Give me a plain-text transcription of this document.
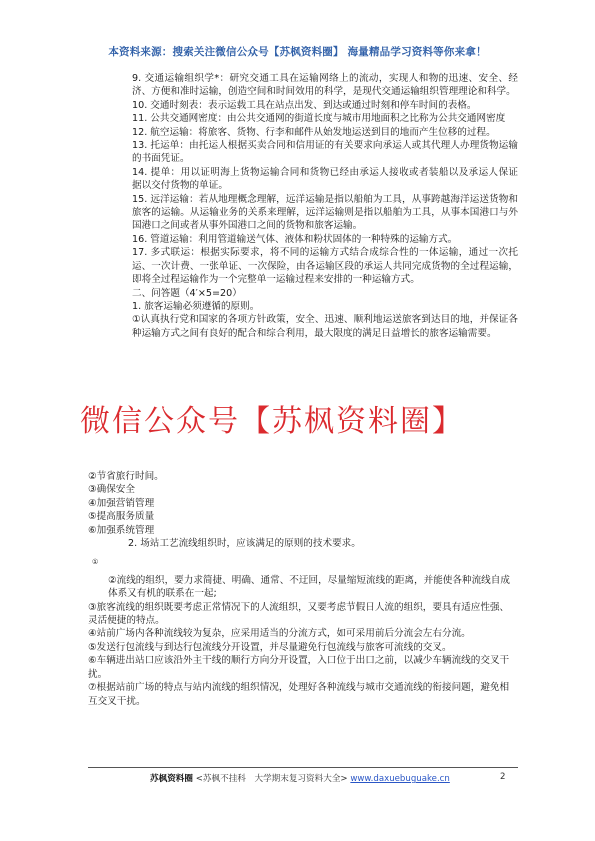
本资料来源：搜索关注微信公众号【苏枫资料圈】 海量精品学习资料等你来拿！

9. 交通运输组织学*：研究交通工具在运输网络上的流动，实现人和物的迅速、安全、经济、方便和准时运输，创造空间和时间效用的科学，是现代交通运输组织管理理论和科学。

10. 交通时刻表：表示运载工具在站点出发、到达或通过时刻和停车时间的表格。

11. 公共交通网密度：由公共交通网的街道长度与城市用地面积之比称为公共交通网密度

12. 航空运输：将旅客、货物、行李和邮件从始发地运送到目的地而产生位移的过程。

13. 托运单：由托运人根据买卖合同和信用证的有关要求向承运人或其代理人办理货物运输的书面凭证。

14. 提单：用以证明海上货物运输合同和货物已经由承运人接收或者装船以及承运人保证　据以交付货物的单证。

15. 远洋运输：若从地理概念理解，远洋运输是指以船舶为工具，从事跨越海洋运送货物和旅客的运输。从运输业务的关系来理解，远洋运输则是指以船舶为工具，从事本国港口与外国港口之间或者从事外国港口之间的货物和旅客运输。

16. 管道运输：利用管道输送气体、液体和粉状固体的一种特殊的运输方式。

17. 多式联运：根据实际要求，将不同的运输方式结合成综合性的一体运输，通过一次托运、一次计费、一张单证、一次保险，由各运输区段的承运人共同完成货物的全过程运输，即将全过程运输作为一个完整单一运输过程来安排的一种运输方式。

二、问答题（4′×5=20）

1. 旅客运输必须遵循的原则。

①认真执行党和国家的各项方针政策，安全、迅速、顺利地运送旅客到达目的地，并保证各种运输方式之间有良好的配合和综合利用，最大限度的满足日益增长的旅客运输需要。

②节省旅行时间。

③确保安全

④加强营销管理

⑤提高服务质量

⑥加强系统管理

2. 场站工艺流线组织时，应该满足的原则的技术要求。

①

②流线的组织，要力求简捷、明确、通常、不迂回，尽量缩短流线的距离，并能使各种流线自成体系又有机的联系在一起;

③旅客流线的组织既要考虑正常情况下的人流组织，又要考虑节假日人流的组织，要具有适应性强、灵活便捷的特点。

④站前广场内各种流线较为复杂，应采用适当的分流方式，如可采用前后分流会左右分流。

⑤发送行包流线与到达行包流线分开设置，并尽量避免行包流线与旅客可流线的交叉。

⑥车辆进出站口应该沿外主干线的顺行方向分开设置，入口位于出口之前，以减少车辆流线的交叉干扰。

⑦根据站前广场的特点与站内流线的组织情况，处理好各种流线与城市交通流线的衔接问题，避免相互交叉干扰。

微信公众号【苏枫资料圈】
苏枫资料圈 <苏枫不挂科　大学期末复习资料大全> www.daxuebuguake.cn	2
